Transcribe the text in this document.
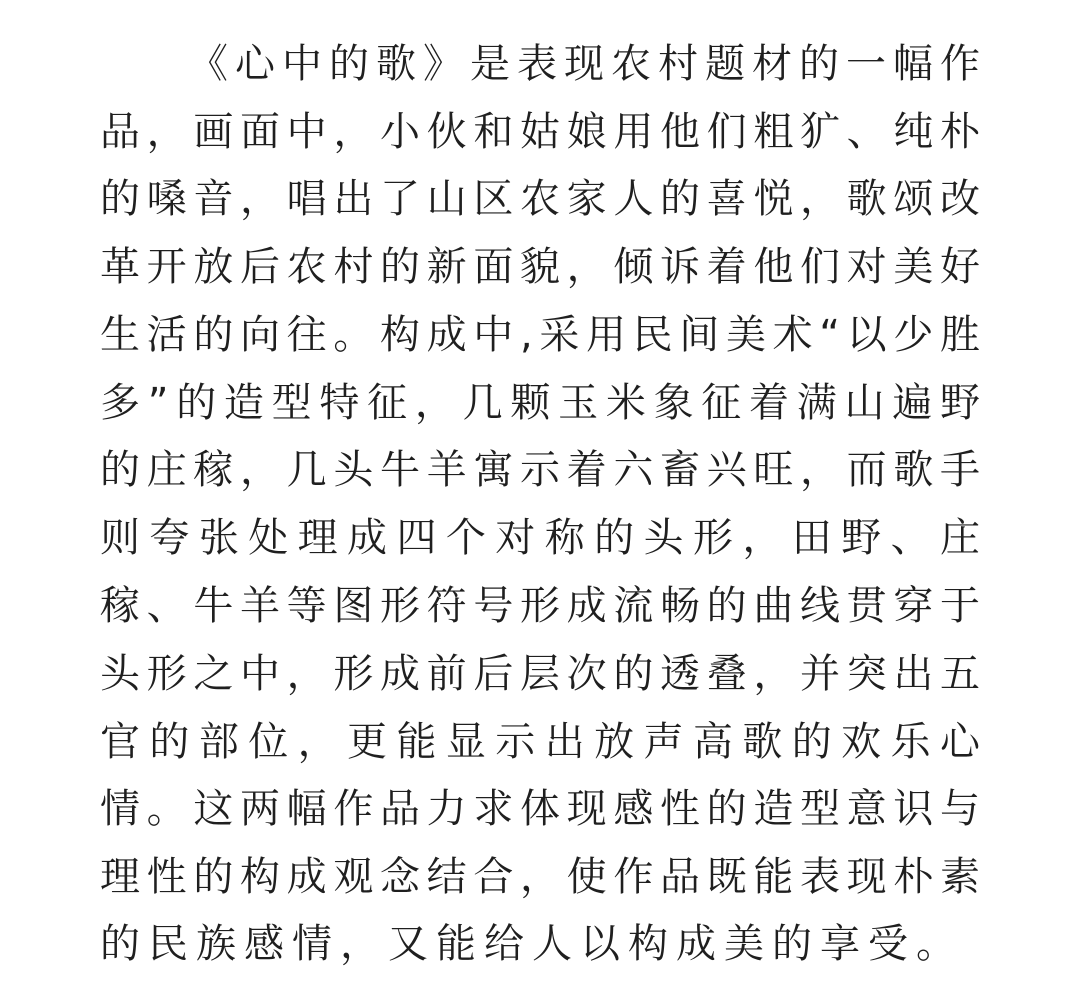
《心中的歌》是表现农村题材的一幅作
品，画面中，小伙和姑娘用他们粗犷、纯朴
的嗓音，唱出了山区农家人的喜悦，歌颂改
革开放后农村的新面貌，倾诉着他们对美好
生活的向往。构成中,采用民间美术“以少胜
多”的造型特征，几颗玉米象征着满山遍野
的庄稼，几头牛羊寓示着六畜兴旺，而歌手
则夸张处理成四个对称的头形，田野、庄
稼、牛羊等图形符号形成流畅的曲线贯穿于
头形之中，形成前后层次的透叠，并突出五
官的部位，更能显示出放声高歌的欢乐心
情。这两幅作品力求体现感性的造型意识与
理性的构成观念结合，使作品既能表现朴素
的民族感情，又能给人以构成美的享受。
